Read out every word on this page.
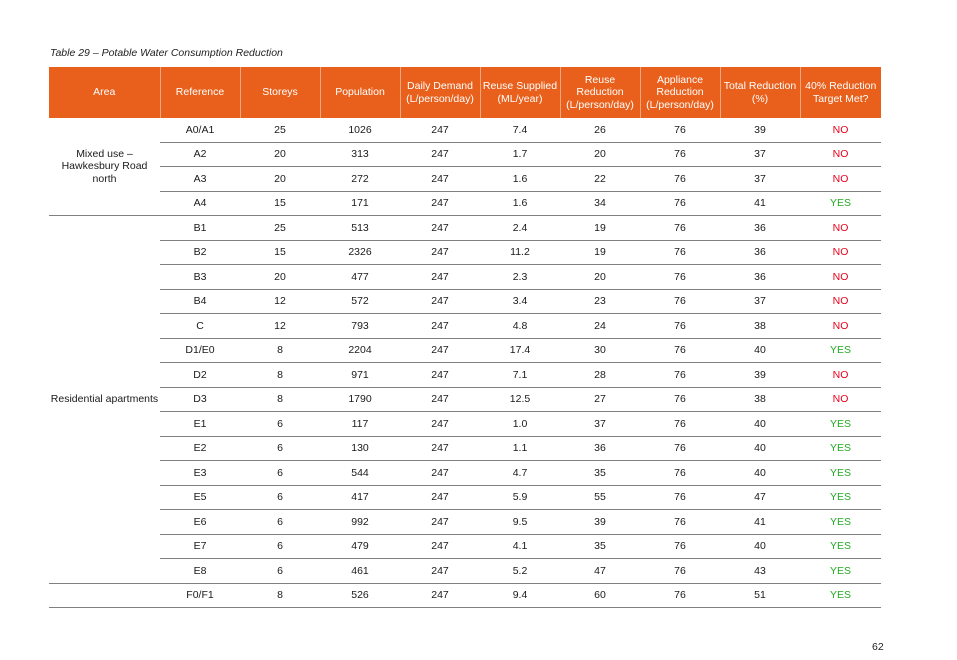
Table 29 – Potable Water Consumption Reduction
Area	Reference	Storeys	Population	Daily Demand (L/person/day)	Reuse Supplied (ML/year)	Reuse Reduction (L/person/day)	Appliance Reduction (L/person/day)	Total Reduction (%)	40% Reduction Target Met?
Mixed use – Hawkesbury Road north	A0/A1	25	1026	247	7.4	26	76	39	NO
	A2	20	313	247	1.7	20	76	37	NO
	A3	20	272	247	1.6	22	76	37	NO
	A4	15	171	247	1.6	34	76	41	YES
Residential apartments	B1	25	513	247	2.4	19	76	36	NO
	B2	15	2326	247	11.2	19	76	36	NO
	B3	20	477	247	2.3	20	76	36	NO
	B4	12	572	247	3.4	23	76	37	NO
	C	12	793	247	4.8	24	76	38	NO
	D1/E0	8	2204	247	17.4	30	76	40	YES
	D2	8	971	247	7.1	28	76	39	NO
	D3	8	1790	247	12.5	27	76	38	NO
	E1	6	117	247	1.0	37	76	40	YES
	E2	6	130	247	1.1	36	76	40	YES
	E3	6	544	247	4.7	35	76	40	YES
	E5	6	417	247	5.9	55	76	47	YES
	E6	6	992	247	9.5	39	76	41	YES
	E7	6	479	247	4.1	35	76	40	YES
	E8	6	461	247	5.2	47	76	43	YES
	F0/F1	8	526	247	9.4	60	76	51	YES
62
